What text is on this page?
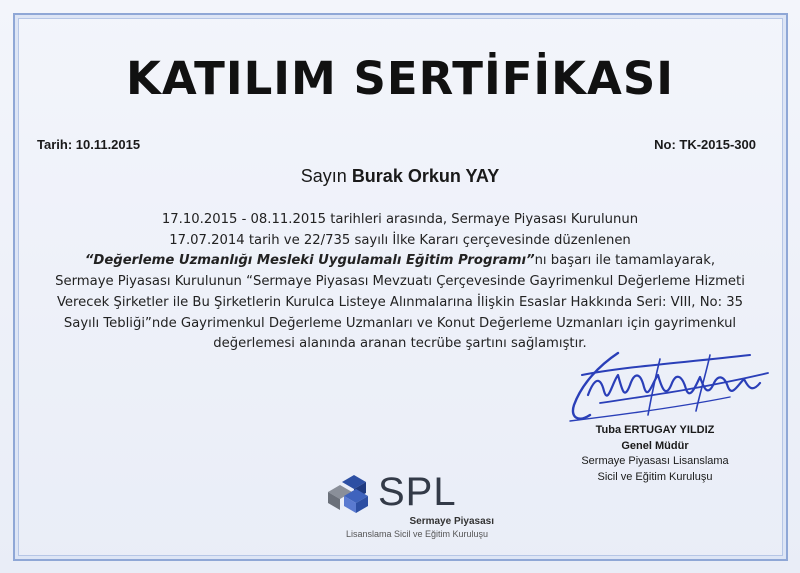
KATILIM SERTİFİKASI
Tarih: 10.11.2015	No: TK-2015-300
Sayın Burak Orkun YAY
17.10.2015 - 08.11.2015 tarihleri arasında, Sermaye Piyasası Kurulunun
17.07.2014 tarih ve 22/735 sayılı İlke Kararı çerçevesinde düzenlenen
“Değerleme Uzmanlığı Mesleki Uygulamalı Eğitim Programı”nı başarı ile tamamlayarak,
Sermaye Piyasası Kurulunun “Sermaye Piyasası Mevzuatı Çerçevesinde Gayrimenkul Değerleme Hizmeti
Verecek Şirketler ile Bu Şirketlerin Kurulca Listeye Alınmalarına İlişkin Esaslar Hakkında Seri: VIII, No: 35
Sayılı Tebliği”nde Gayrimenkul Değerleme Uzmanları ve Konut Değerleme Uzmanları için gayrimenkul
değerlemesi alanında aranan tecrübe şartını sağlamıştır.
Tuba ERTUGAY YILDIZ
Genel Müdür
Sermaye Piyasası Lisanslama
Sicil ve Eğitim Kuruluşu
SPL
Sermaye Piyasası
Lisanslama Sicil ve Eğitim Kuruluşu
